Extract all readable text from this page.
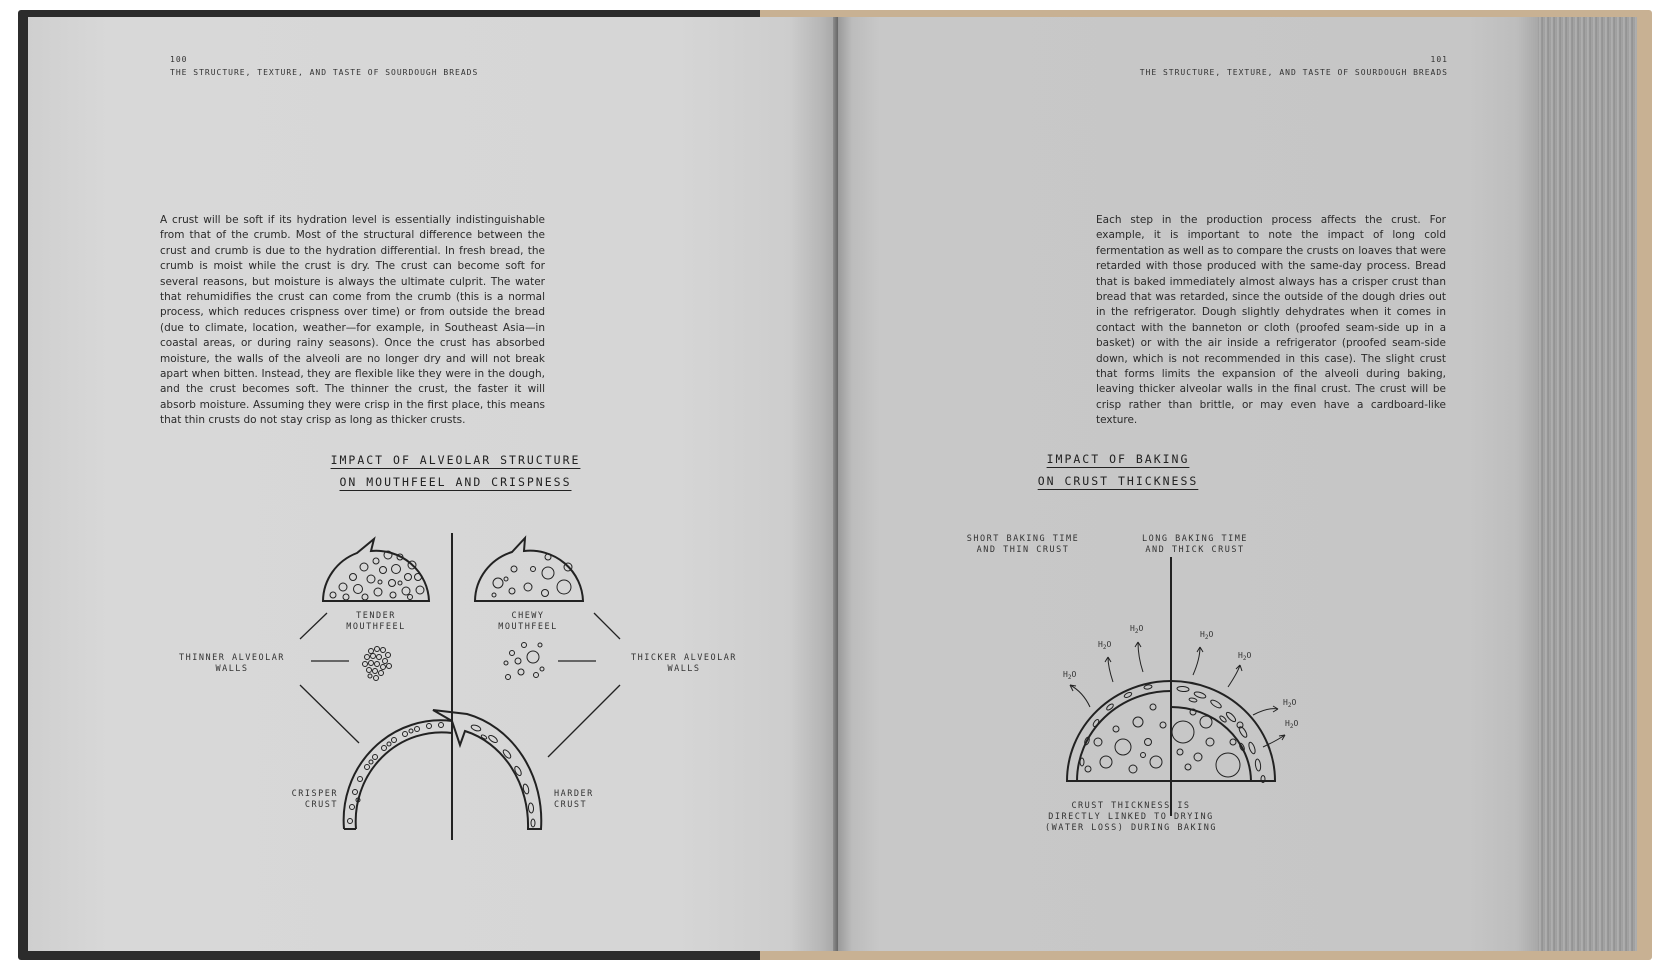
100
THE STRUCTURE, TEXTURE, AND TASTE OF SOURDOUGH BREADS
A crust will be soft if its hydration level is essentially indistinguishable from that of the crumb. Most of the structural difference between the crust and crumb is due to the hydration differential. In fresh bread, the crumb is moist while the crust is dry. The crust can become soft for several reasons, but moisture is always the ultimate culprit. The water that rehumidifies the crust can come from the crumb (this is a normal process, which reduces crispness over time) or from outside the bread (due to climate, location, weather—for example, in Southeast Asia—in coastal areas, or during rainy seasons). Once the crust has absorbed moisture, the walls of the alveoli are no longer dry and will not break apart when bitten. Instead, they are flexible like they were in the dough, and the crust becomes soft. The thinner the crust, the faster it will absorb moisture. Assuming they were crisp in the first place, this means that thin crusts do not stay crisp as long as thicker crusts.
IMPACT OF ALVEOLAR STRUCTURE
ON MOUTHFEEL AND CRISPNESS
TENDER
MOUTHFEEL
CHEWY
MOUTHFEEL
THINNER ALVEOLAR
WALLS
THICKER ALVEOLAR
WALLS
CRISPER
CRUST
HARDER
CRUST
101
THE STRUCTURE, TEXTURE, AND TASTE OF SOURDOUGH BREADS
Each step in the production process affects the crust. For example, it is important to note the impact of long cold fermentation as well as to compare the crusts on loaves that were retarded with those produced with the same-day process. Bread that is baked immediately almost always has a crisper crust than bread that was retarded, since the outside of the dough dries out in the refrigerator. Dough slightly dehydrates when it comes in contact with the banneton or cloth (proofed seam-side up in a basket) or with the air inside a refrigerator (proofed seam-side down, which is not recommended in this case). The slight crust that forms limits the expansion of the alveoli during baking, leaving thicker alveolar walls in the final crust. The crust will be crisp rather than brittle, or may even have a cardboard-like texture.
IMPACT OF BAKING
ON CRUST THICKNESS
$H_2O$
$H_2O$
$H_2O$
$H_2O$
$H_2O$
$H_2O$
$H_2O$
SHORT BAKING TIME
AND THIN CRUST
LONG BAKING TIME
AND THICK CRUST
CRUST THICKNESS IS
DIRECTLY LINKED TO DRYING
(WATER LOSS) DURING BAKING
